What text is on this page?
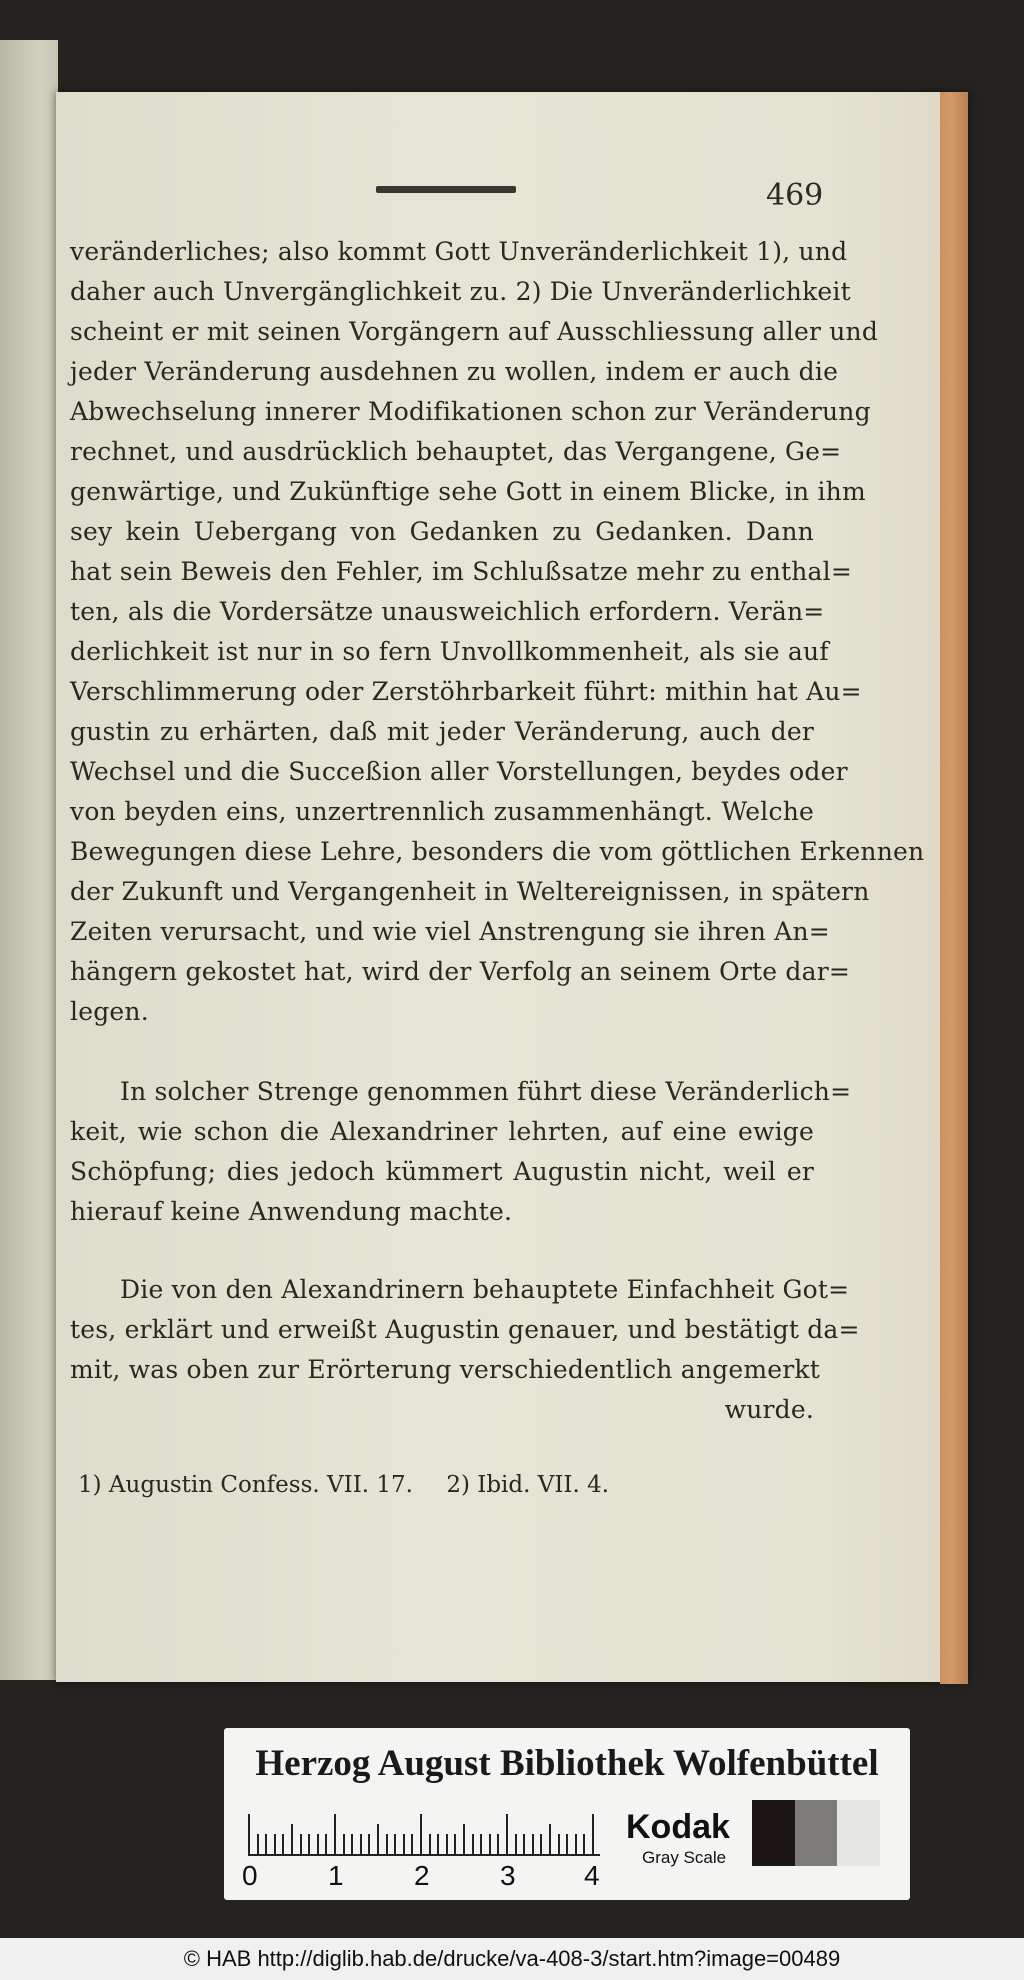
469
veränderliches; also kommt Gott Unveränderlichkeit 1), und
daher auch Unvergänglichkeit zu. 2) Die Unveränderlichkeit
scheint er mit seinen Vorgängern auf Ausschliessung aller und
jeder Veränderung ausdehnen zu wollen, indem er auch die
Abwechselung innerer Modifikationen schon zur Veränderung
rechnet, und ausdrücklich behauptet, das Vergangene, Ge=
genwärtige, und Zukünftige sehe Gott in einem Blicke, in ihm
sey kein Uebergang von Gedanken zu Gedanken. Dann
hat sein Beweis den Fehler, im Schlußsatze mehr zu enthal=
ten, als die Vordersätze unausweichlich erfordern. Verän=
derlichkeit ist nur in so fern Unvollkommenheit, als sie auf
Verschlimmerung oder Zerstöhrbarkeit führt: mithin hat Au=
gustin zu erhärten, daß mit jeder Veränderung, auch der
Wechsel und die Succeßion aller Vorstellungen, beydes oder
von beyden eins, unzertrennlich zusammenhängt. Welche
Bewegungen diese Lehre, besonders die vom göttlichen Erkennen
der Zukunft und Vergangenheit in Weltereignissen, in spätern
Zeiten verursacht, und wie viel Anstrengung sie ihren An=
hängern gekostet hat, wird der Verfolg an seinem Orte dar=
legen.
In solcher Strenge genommen führt diese Veränderlich=
keit, wie schon die Alexandriner lehrten, auf eine ewige
Schöpfung; dies jedoch kümmert Augustin nicht, weil er
hierauf keine Anwendung machte.
Die von den Alexandrinern behauptete Einfachheit Got=
tes, erklärt und erweißt Augustin genauer, und bestätigt da=
mit, was oben zur Erörterung verschiedentlich angemerkt
wurde.
1) Augustin Confess. VII. 17. 2) Ibid. VII. 4.
Herzog August Bibliothek Wolfenbüttel
0	1	2	3 4
Kodak
Gray Scale
© HAB http://diglib.hab.de/drucke/va-408-3/start.htm?image=00489
